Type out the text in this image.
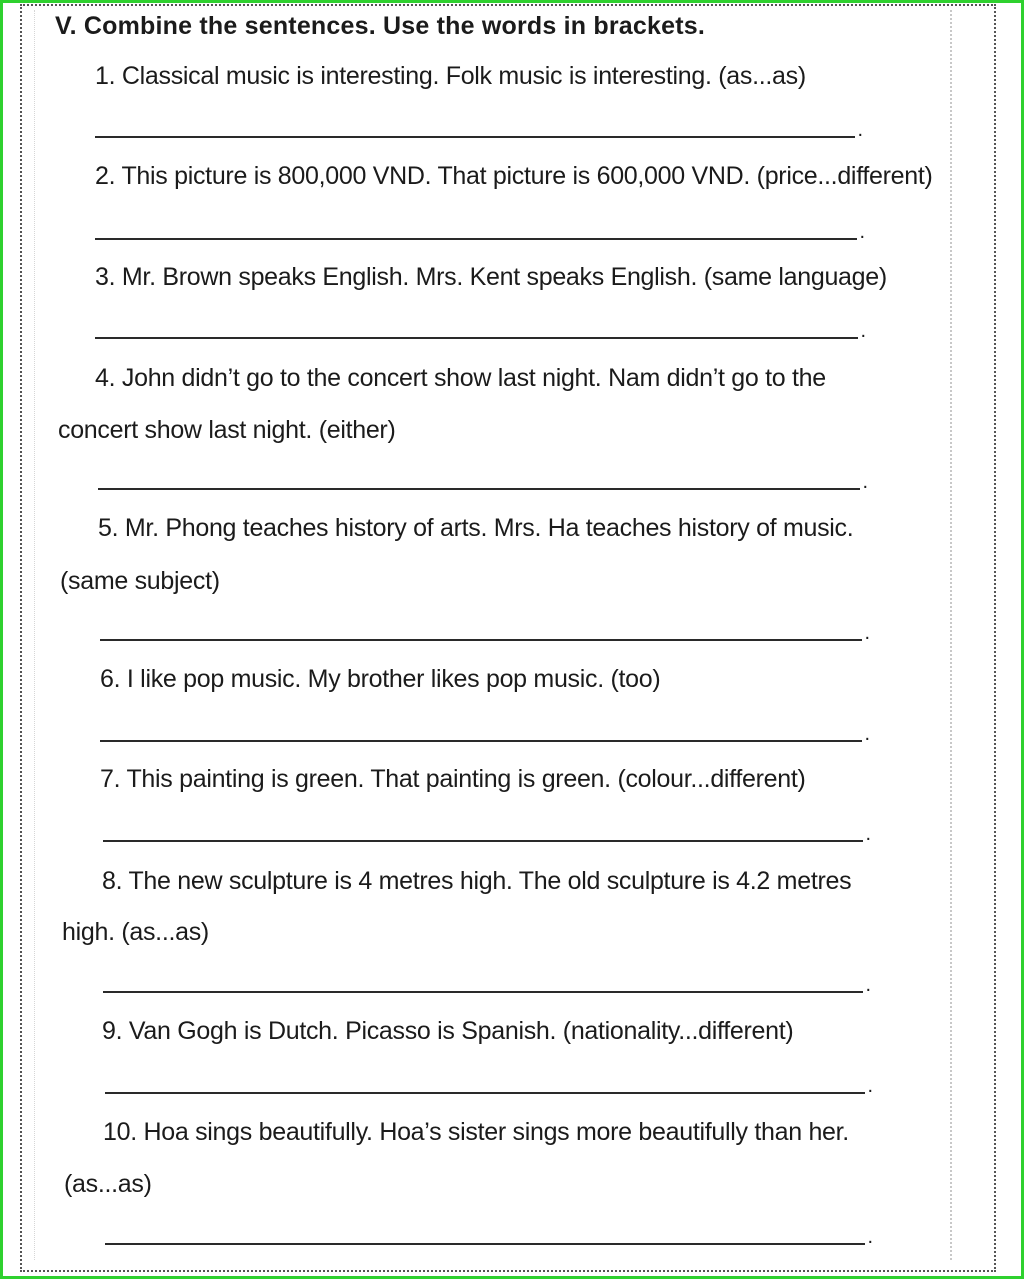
V. Combine the sentences. Use the words in brackets.
1. Classical music is interesting. Folk music is interesting. (as...as)
.
2. This picture is 800,000 VND. That picture is 600,000 VND. (price...different)
.
3. Mr. Brown speaks English. Mrs. Kent speaks English. (same language)
.
4. John didn’t go to the concert show last night. Nam didn’t go to the
concert show last night. (either)
.
5. Mr. Phong teaches history of arts. Mrs. Ha teaches history of music.
(same subject)
.
6. I like pop music. My brother likes pop music. (too)
.
7. This painting is green. That painting is green. (colour...different)
.
8. The new sculpture is 4 metres high. The old sculpture is 4.2 metres
high. (as...as)
.
9. Van Gogh is Dutch. Picasso is Spanish. (nationality...different)
.
10. Hoa sings beautifully. Hoa’s sister sings more beautifully than her.
(as...as)
.
